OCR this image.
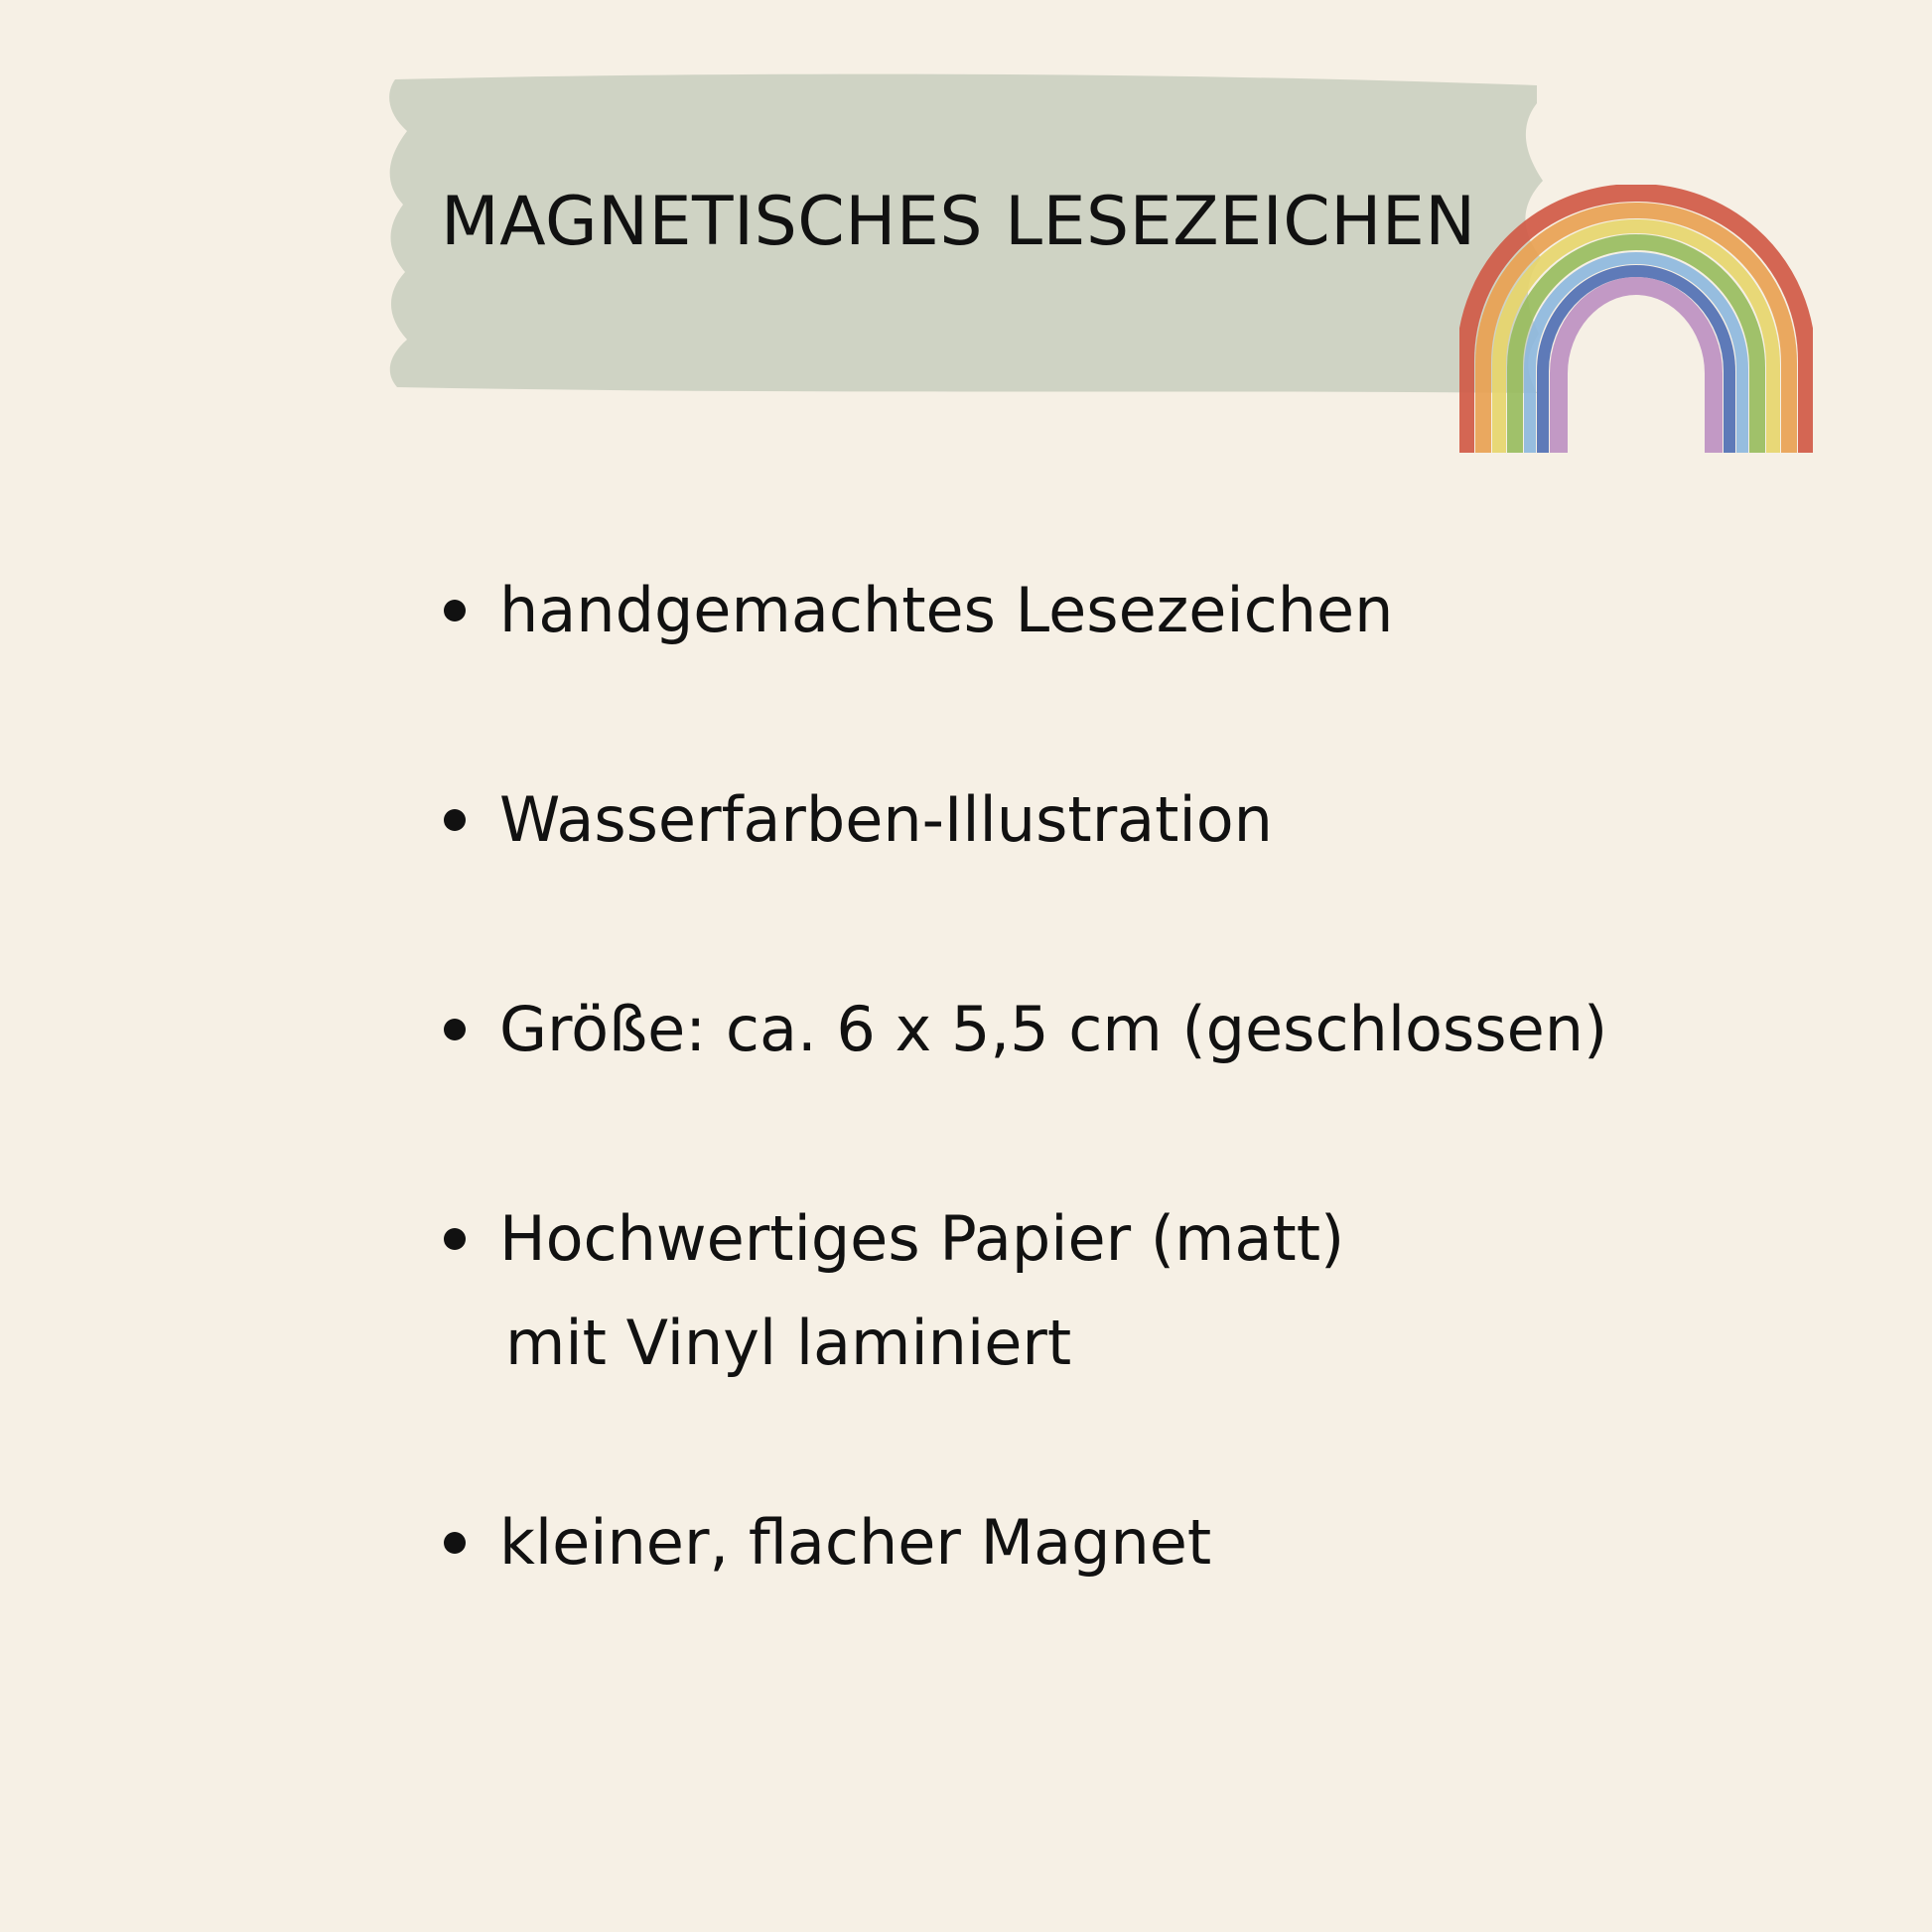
MAGNETISCHES LESEZEICHEN
handgemachtes Lesezeichen
Wasserfarben-Illustration
Größe: ca. 6 x 5,5 cm (geschlossen)
Hochwertiges Papier (matt)
mit Vinyl laminiert
kleiner, flacher Magnet
